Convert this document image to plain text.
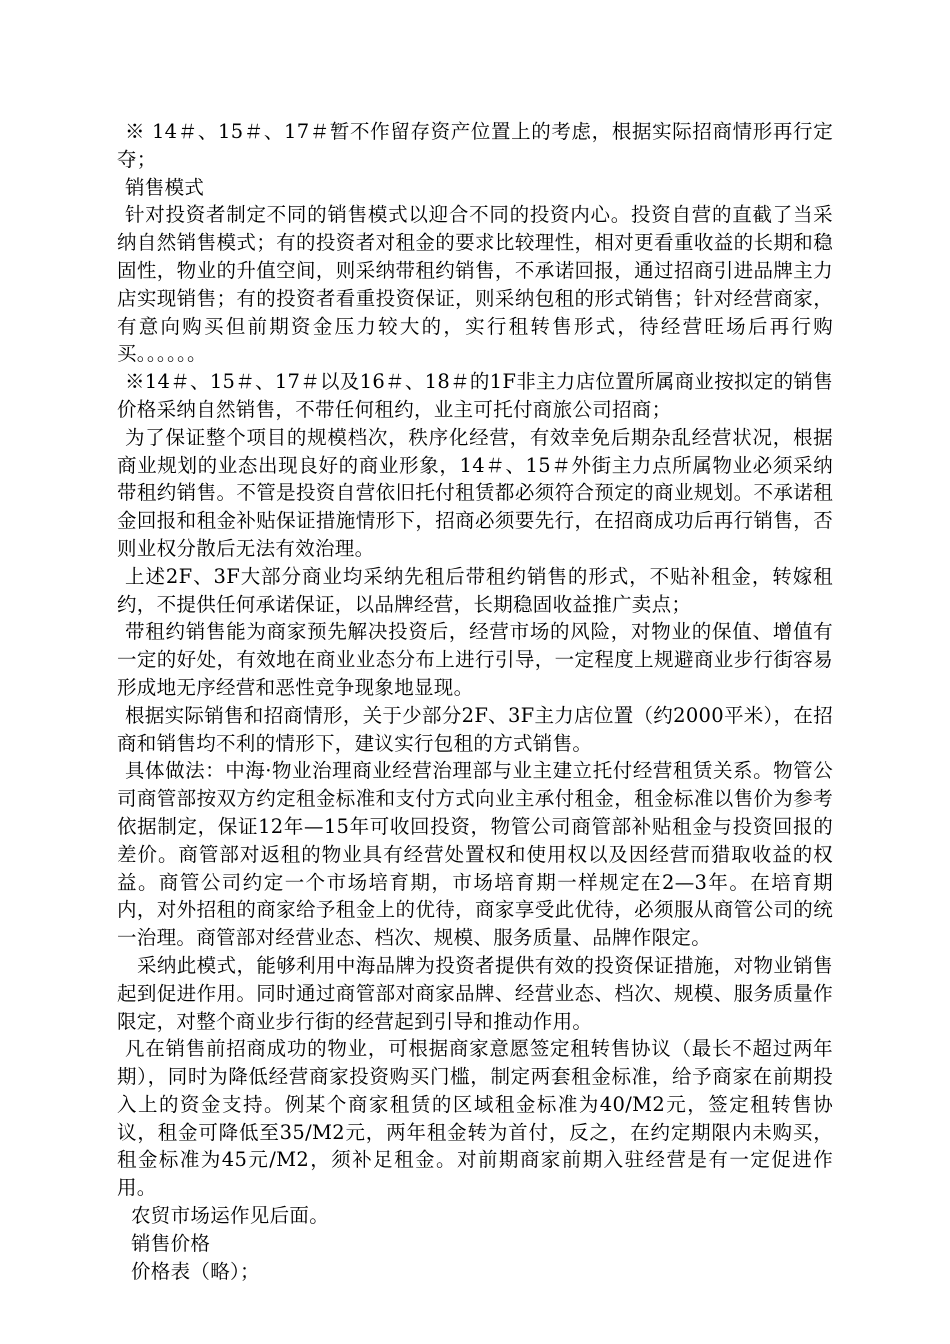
※ 14＃、15＃、17＃暂不作留存资产位置上的考虑，根据实际招商情形再行定夺；

销售模式

针对投资者制定不同的销售模式以迎合不同的投资内心。投资自营的直截了当采纳自然销售模式；有的投资者对租金的要求比较理性，相对更看重收益的长期和稳固性，物业的升值空间，则采纳带租约销售，不承诺回报，通过招商引进品牌主力店实现销售；有的投资者看重投资保证，则采纳包租的形式销售；针对经营商家，有意向购买但前期资金压力较大的，实行租转售形式，待经营旺场后再行购买。。。。。。

※14＃、15＃、17＃以及16＃、18＃的1F非主力店位置所属商业按拟定的销售价格采纳自然销售，不带任何租约，业主可托付商旅公司招商；

为了保证整个项目的规模档次，秩序化经营，有效幸免后期杂乱经营状况，根据商业规划的业态出现良好的商业形象，14＃、15＃外街主力点所属物业必须采纳带租约销售。不管是投资自营依旧托付租赁都必须符合预定的商业规划。不承诺租金回报和租金补贴保证措施情形下，招商必须要先行，在招商成功后再行销售，否则业权分散后无法有效治理。

上述2F、3F大部分商业均采纳先租后带租约销售的形式，不贴补租金，转嫁租约，不提供任何承诺保证，以品牌经营，长期稳固收益推广卖点；

带租约销售能为商家预先解决投资后，经营市场的风险，对物业的保值、增值有一定的好处，有效地在商业业态分布上进行引导，一定程度上规避商业步行街容易形成地无序经营和恶性竞争现象地显现。

根据实际销售和招商情形，关于少部分2F、3F主力店位置（约2000平米），在招商和销售均不利的情形下，建议实行包租的方式销售。

具体做法：中海·物业治理商业经营治理部与业主建立托付经营租赁关系。物管公司商管部按双方约定租金标准和支付方式向业主承付租金，租金标准以售价为参考依据制定，保证12年—15年可收回投资，物管公司商管部补贴租金与投资回报的差价。商管部对返租的物业具有经营处置权和使用权以及因经营而猎取收益的权益。商管公司约定一个市场培育期，市场培育期一样规定在2—3年。在培育期内，对外招租的商家给予租金上的优待，商家享受此优待，必须服从商管公司的统一治理。商管部对经营业态、档次、规模、服务质量、品牌作限定。

采纳此模式，能够利用中海品牌为投资者提供有效的投资保证措施，对物业销售起到促进作用。同时通过商管部对商家品牌、经营业态、档次、规模、服务质量作限定，对整个商业步行街的经营起到引导和推动作用。

凡在销售前招商成功的物业，可根据商家意愿签定租转售协议（最长不超过两年期），同时为降低经营商家投资购买门槛，制定两套租金标准，给予商家在前期投入上的资金支持。例某个商家租赁的区域租金标准为40/M2元，签定租转售协议，租金可降低至35/M2元，两年租金转为首付，反之，在约定期限内未购买，租金标准为45元/M2，须补足租金。对前期商家前期入驻经营是有一定促进作用。

农贸市场运作见后面。

销售价格

价格表（略）；
